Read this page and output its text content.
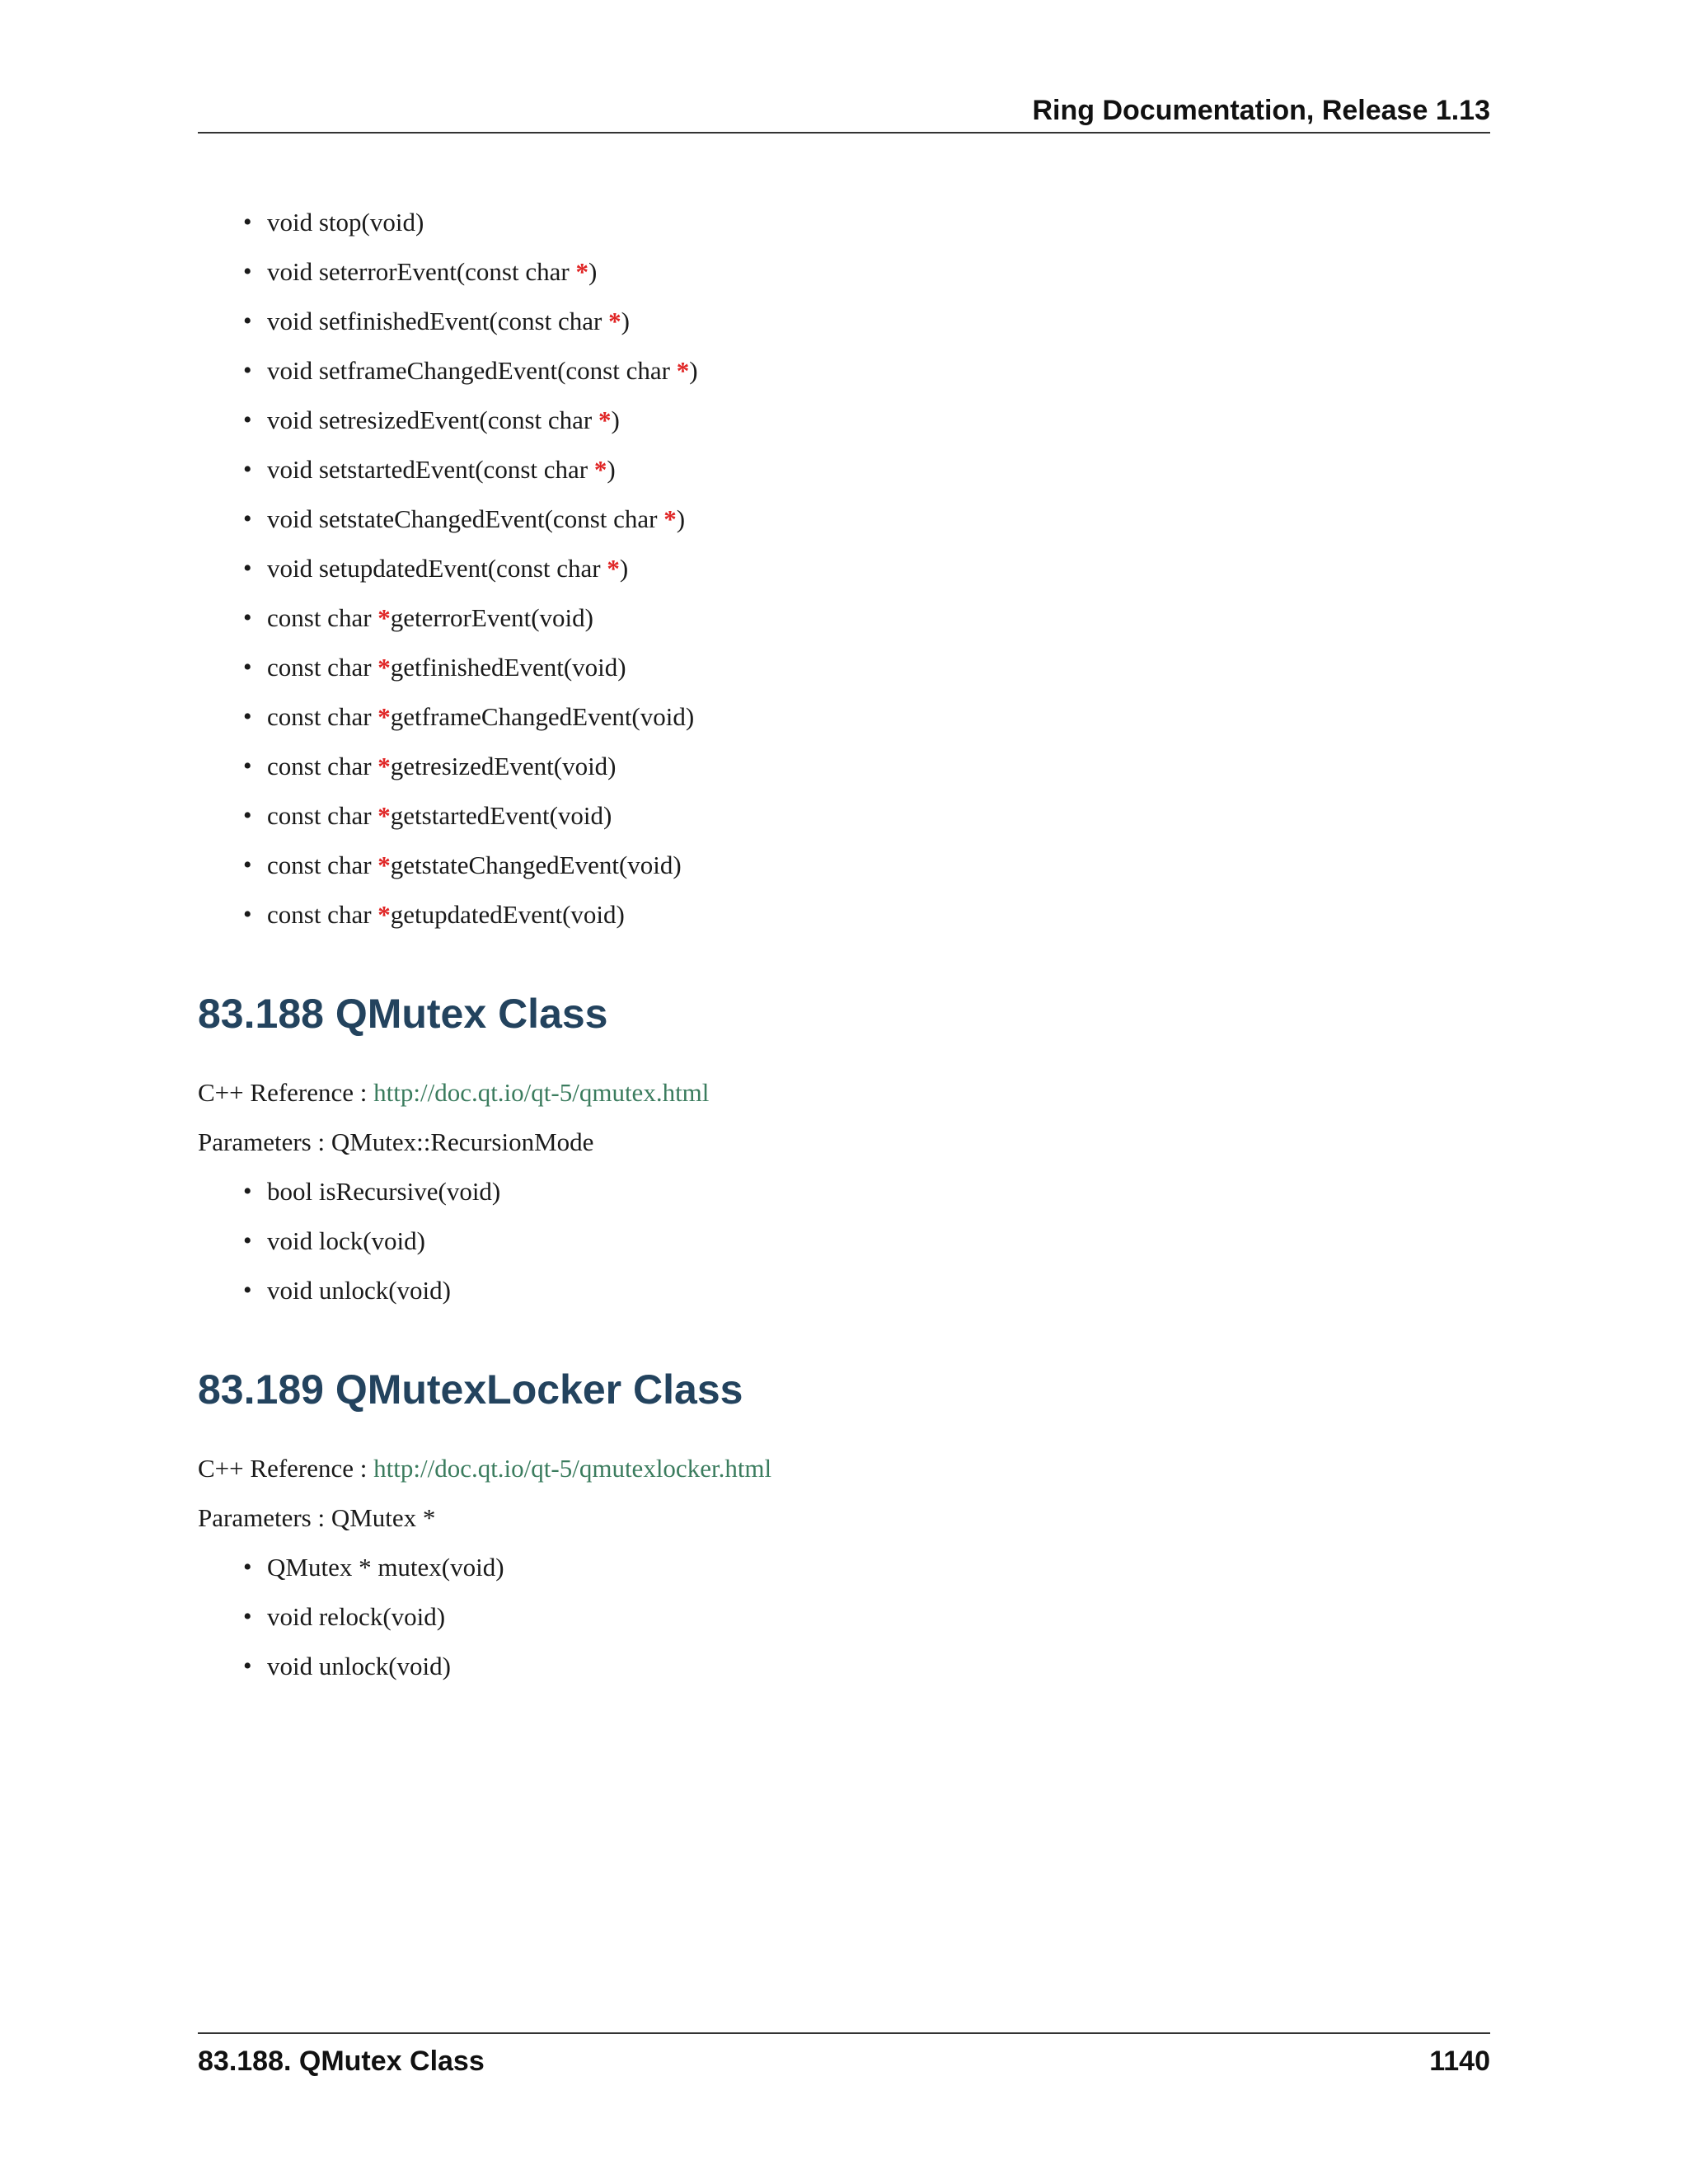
Ring Documentation, Release 1.13
• void stop(void)
• void seterrorEvent(const char *)
• void setfinishedEvent(const char *)
• void setframeChangedEvent(const char *)
• void setresizedEvent(const char *)
• void setstartedEvent(const char *)
• void setstateChangedEvent(const char *)
• void setupdatedEvent(const char *)
• const char *geterrorEvent(void)
• const char *getfinishedEvent(void)
• const char *getframeChangedEvent(void)
• const char *getresizedEvent(void)
• const char *getstartedEvent(void)
• const char *getstateChangedEvent(void)
• const char *getupdatedEvent(void)
83.188 QMutex Class
C++ Reference : http://doc.qt.io/qt-5/qmutex.html
Parameters : QMutex::RecursionMode
• bool isRecursive(void)
• void lock(void)
• void unlock(void)
83.189 QMutexLocker Class
C++ Reference : http://doc.qt.io/qt-5/qmutexlocker.html
Parameters : QMutex *
• QMutex * mutex(void)
• void relock(void)
• void unlock(void)
83.188. QMutex Class	1140
